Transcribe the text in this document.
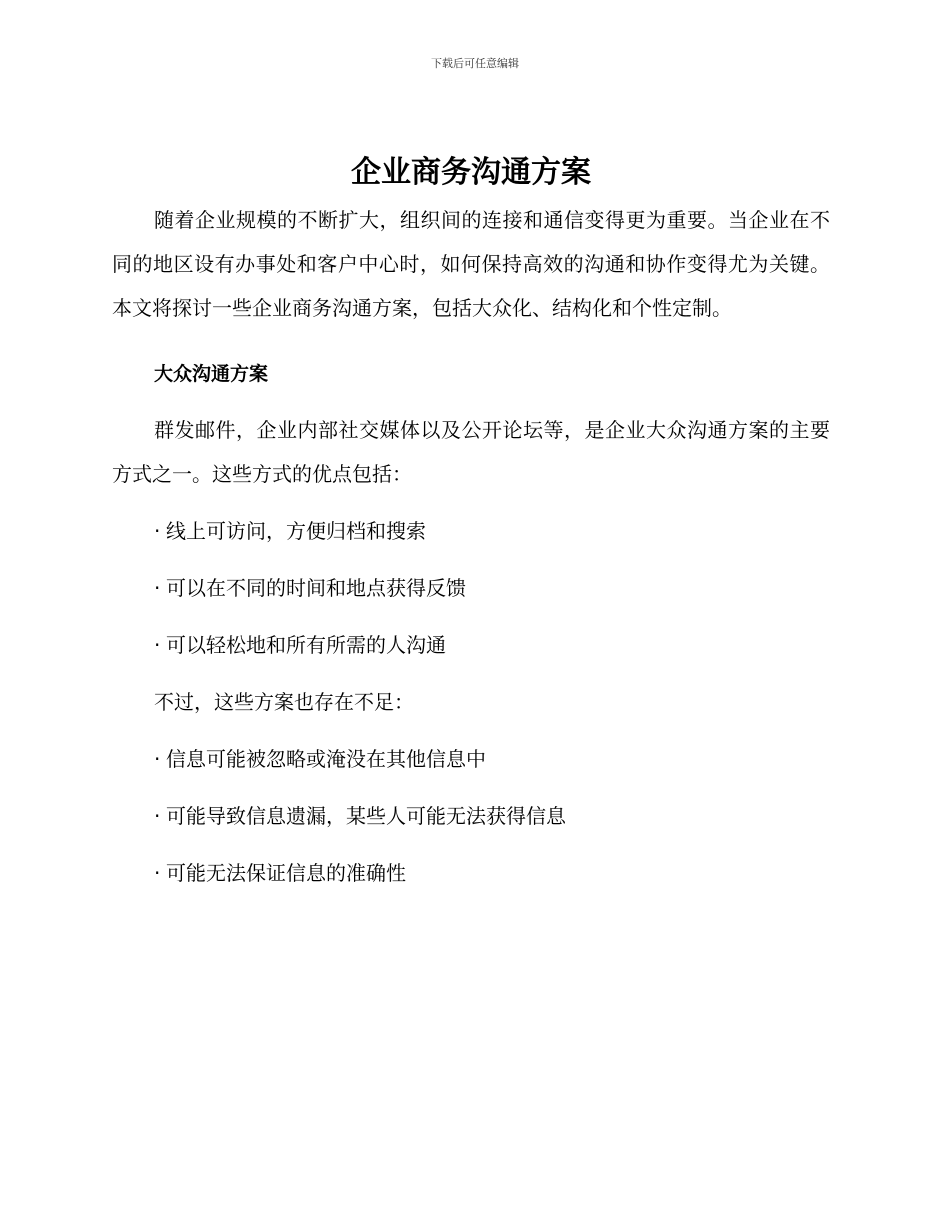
下载后可任意编辑
企业商务沟通方案

随着企业规模的不断扩大，组织间的连接和通信变得更为重要。当企业在不同的地区设有办事处和客户中心时，如何保持高效的沟通和协作变得尤为关键。本文将探讨一些企业商务沟通方案，包括大众化、结构化和个性定制。

大众沟通方案

群发邮件，企业内部社交媒体以及公开论坛等，是企业大众沟通方案的主要方式之一。这些方式的优点包括：

· 线上可访问，方便归档和搜索
· 可以在不同的时间和地点获得反馈
· 可以轻松地和所有所需的人沟通

不过，这些方案也存在不足：

· 信息可能被忽略或淹没在其他信息中
· 可能导致信息遗漏，某些人可能无法获得信息
· 可能无法保证信息的准确性
